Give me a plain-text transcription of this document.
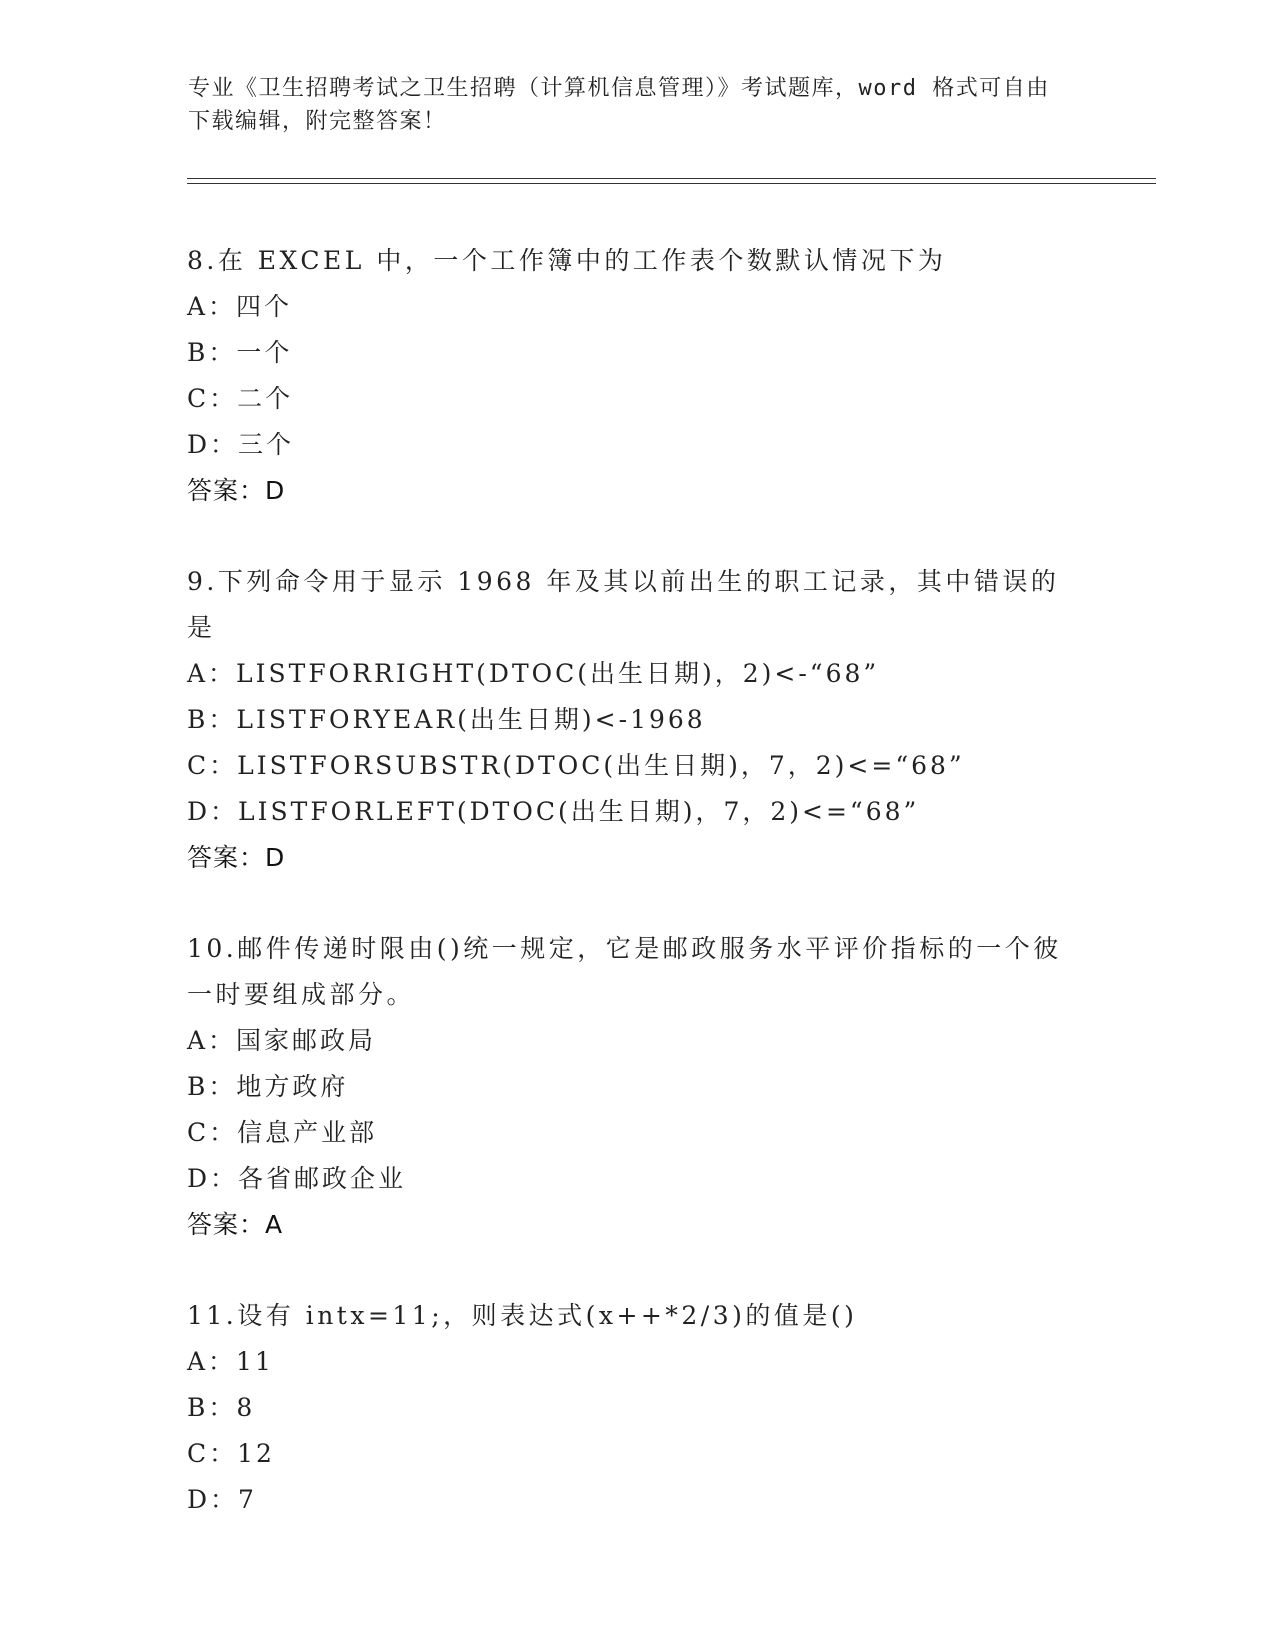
专业《卫生招聘考试之卫生招聘（计算机信息管理）》考试题库，word 格式可自由下载编辑，附完整答案！
8.在 EXCEL 中，一个工作簿中的工作表个数默认情况下为
A：四个
B：一个
C：二个
D：三个
答案：D
9.下列命令用于显示 1968 年及其以前出生的职工记录，其中错误的是
A：LISTFORRIGHT(DTOC(出生日期)，2)<-“68”
B：LISTFORYEAR(出生日期)<-1968
C：LISTFORSUBSTR(DTOC(出生日期)，7，2)<=“68”
D：LISTFORLEFT(DTOC(出生日期)，7，2)<=“68”
答案：D
10.邮件传递时限由()统一规定，它是邮政服务水平评价指标的一个彼一时要组成部分。
A：国家邮政局
B：地方政府
C：信息产业部
D：各省邮政企业
答案：A
11.设有 intx=11;，则表达式(x++*2/3)的值是()
A：11
B：8
C：12
D：7
